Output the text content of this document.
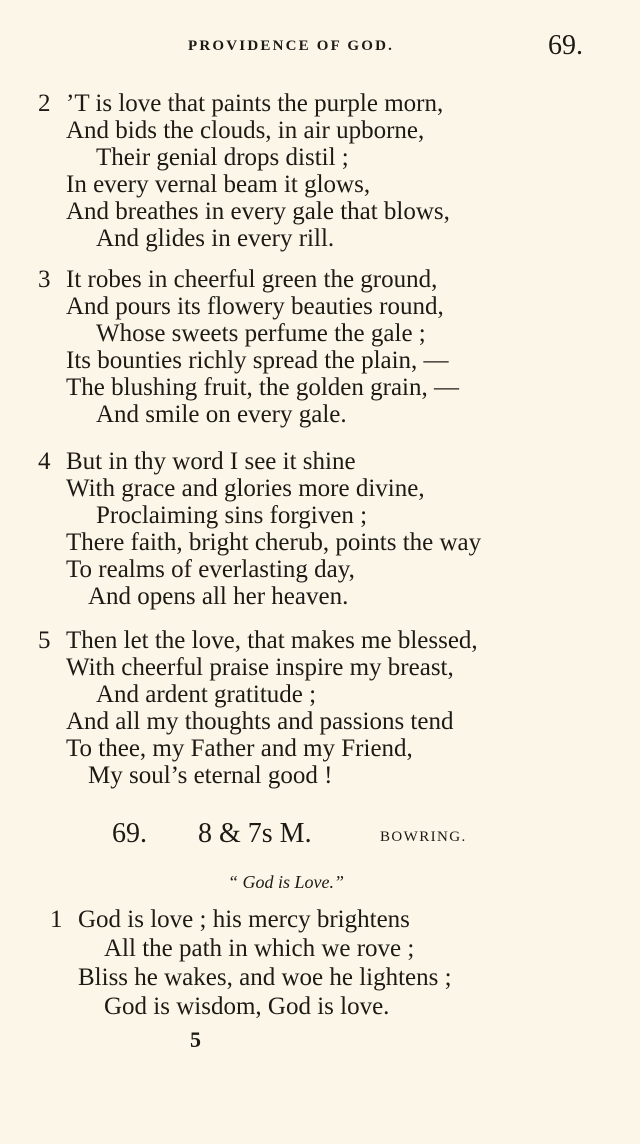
PROVIDENCE OF GOD.	69.
2 ’T is love that paints the purple morn,
And bids the clouds, in air upborne,
Their genial drops distil ;
In every vernal beam it glows,
And breathes in every gale that blows,
And glides in every rill.
3 It robes in cheerful green the ground,
And pours its flowery beauties round,
Whose sweets perfume the gale ;
Its bounties richly spread the plain, —
The blushing fruit, the golden grain, —
And smile on every gale.
4 But in thy word I see it shine
With grace and glories more divine,
Proclaiming sins forgiven ;
There faith, bright cherub, points the way
To realms of everlasting day,
And opens all her heaven.
5 Then let the love, that makes me blessed,
With cheerful praise inspire my breast,
And ardent gratitude ;
And all my thoughts and passions tend
To thee, my Father and my Friend,
My soul’s eternal good !
69. 8 & 7s M.	BOWRING.
“ God is Love.”
1 God is love ; his mercy brightens
All the path in which we rove ;
Bliss he wakes, and woe he lightens ;
God is wisdom, God is love.
5
